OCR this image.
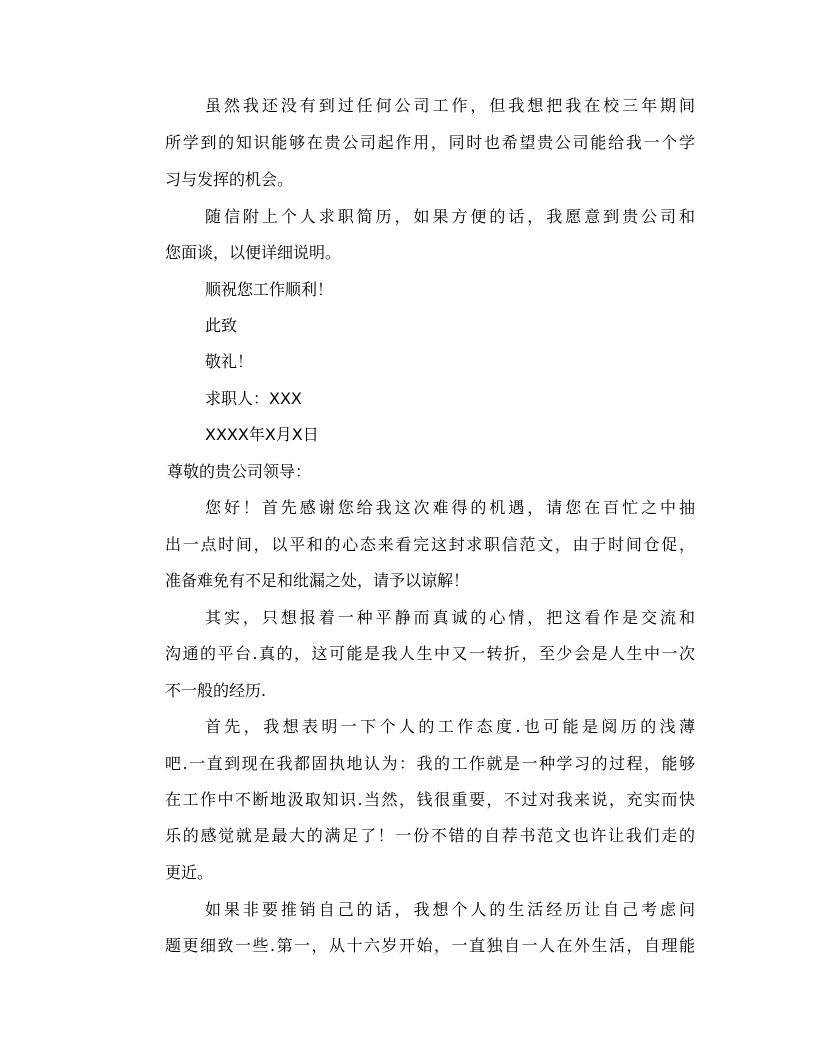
虽然我还没有到过任何公司工作，但我想把我在校三年期间
所学到的知识能够在贵公司起作用，同时也希望贵公司能给我一个学
习与发挥的机会。
随信附上个人求职简历，如果方便的话，我愿意到贵公司和
您面谈，以便详细说明。
顺祝您工作顺利！
此致
敬礼！
求职人：XXX
XXXX年X月X日
尊敬的贵公司领导：
您好！首先感谢您给我这次难得的机遇，请您在百忙之中抽
出一点时间，以平和的心态来看完这封求职信范文，由于时间仓促，
准备难免有不足和纰漏之处，请予以谅解！
其实，只想报着一种平静而真诚的心情，把这看作是交流和
沟通的平台.真的，这可能是我人生中又一转折，至少会是人生中一次
不一般的经历.
首先，我想表明一下个人的工作态度.也可能是阅历的浅薄
吧.一直到现在我都固执地认为：我的工作就是一种学习的过程，能够
在工作中不断地汲取知识.当然，钱很重要，不过对我来说，充实而快
乐的感觉就是最大的满足了！一份不错的自荐书范文也许让我们走的
更近。
如果非要推销自己的话，我想个人的生活经历让自己考虑问
题更细致一些.第一，从十六岁开始，一直独自一人在外生活，自理能
